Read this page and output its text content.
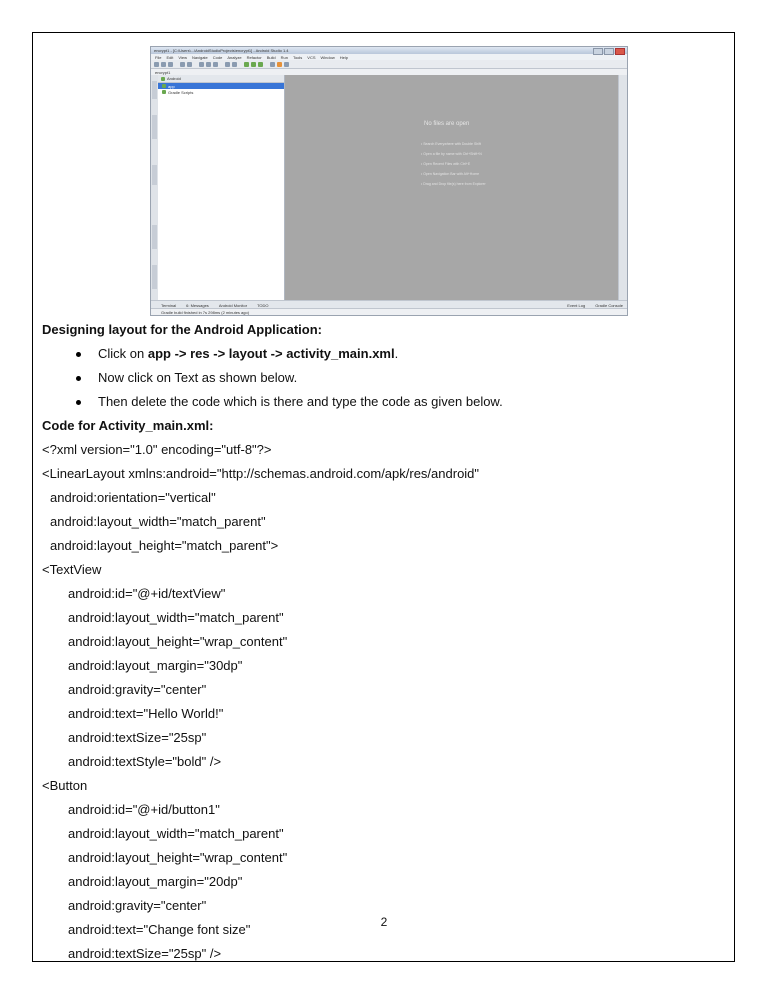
encrypt1 - [C:\Users\...\AndroidStudioProjects\encrypt1] - Android Studio 1.4
File Edit View Navigate Code Analyze Refactor Build Run Tools VCS Window Help
encrypt1
Android
app
Gradle Scripts
No files are open
• Search Everywhere with Double Shift
• Open a file by name with Ctrl+Shift+N
• Open Recent Files with Ctrl+E
• Open Navigation Bar with Alt+Home
• Drag and Drop file(s) here from Explorer
Terminal	6: Messages	Android Monitor	TODO	Event Log	Gradle Console
Gradle build finished in 7s 298ms (2 minutes ago)
Designing layout for the Android Application:
Click on app -> res -> layout -> activity_main.xml.
Now click on Text as shown below.
Then delete the code which is there and type the code as given below.
Code for Activity_main.xml:
<?xml version="1.0" encoding="utf-8"?>
<LinearLayout xmlns:android="http://schemas.android.com/apk/res/android"
android:orientation="vertical"
android:layout_width="match_parent"
android:layout_height="match_parent">
<TextView
android:id="@+id/textView"
android:layout_width="match_parent"
android:layout_height="wrap_content"
android:layout_margin="30dp"
android:gravity="center"
android:text="Hello World!"
android:textSize="25sp"
android:textStyle="bold" />
<Button
android:id="@+id/button1"
android:layout_width="match_parent"
android:layout_height="wrap_content"
android:layout_margin="20dp"
android:gravity="center"
android:text="Change font size"
android:textSize="25sp" />
2
